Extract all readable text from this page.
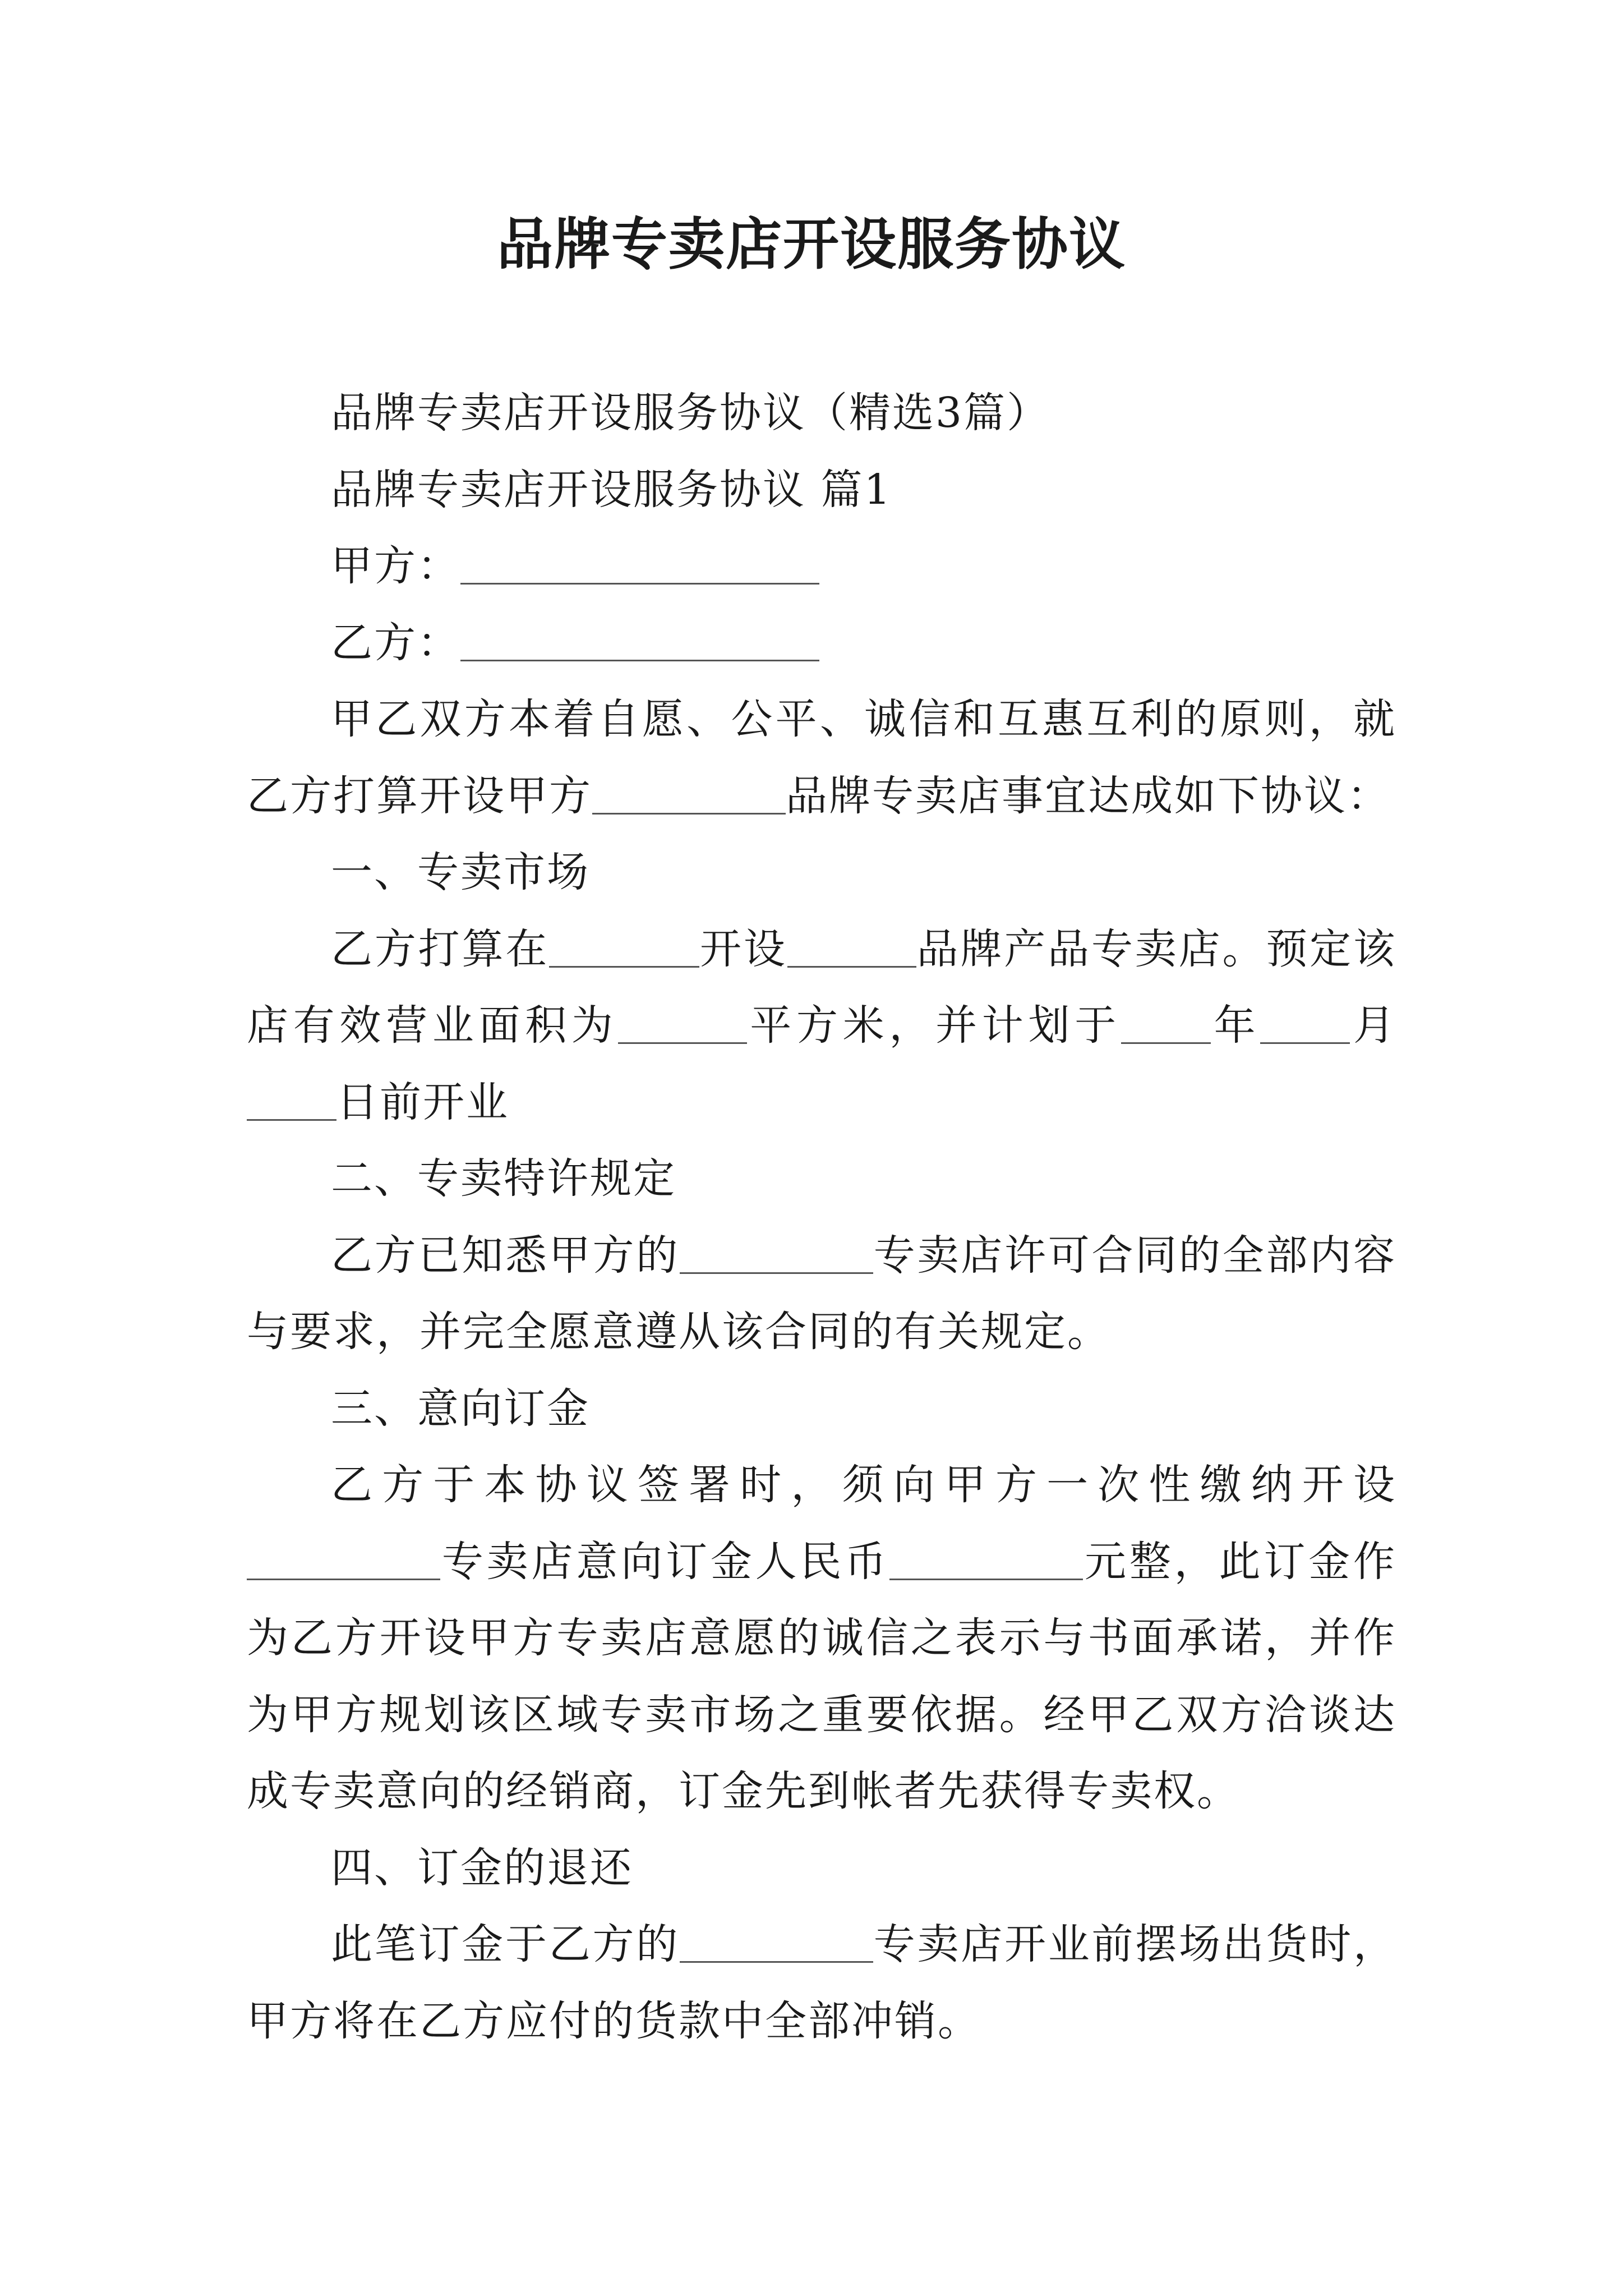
品牌专卖店开设服务协议

品牌专卖店开设服务协议（精选3篇）

品牌专卖店开设服务协议 篇1

甲方：

乙方：

甲乙双方本着自愿、公平、诚信和互惠互利的原则，就乙方打算开设甲方	品牌专卖店事宜达成如下协议：

一、专卖市场

乙方打算在	开设	品牌产品专卖店。预定该店有效营业面积为	平方米，并计划于 年 月日前开业

二、专卖特许规定

乙方已知悉甲方的	专卖店许可合同的全部内容与要求，并完全愿意遵从该合同的有关规定。

三、意向订金

乙方于本协议签署时，须向甲方一次性缴纳开设专卖店意向订金人民币	元整，此订金作为乙方开设甲方专卖店意愿的诚信之表示与书面承诺，并作为甲方规划该区域专卖市场之重要依据。经甲乙双方洽谈达成专卖意向的经销商，订金先到帐者先获得专卖权。

四、订金的退还

此笔订金于乙方的	专卖店开业前摆场出货时，甲方将在乙方应付的货款中全部冲销。
